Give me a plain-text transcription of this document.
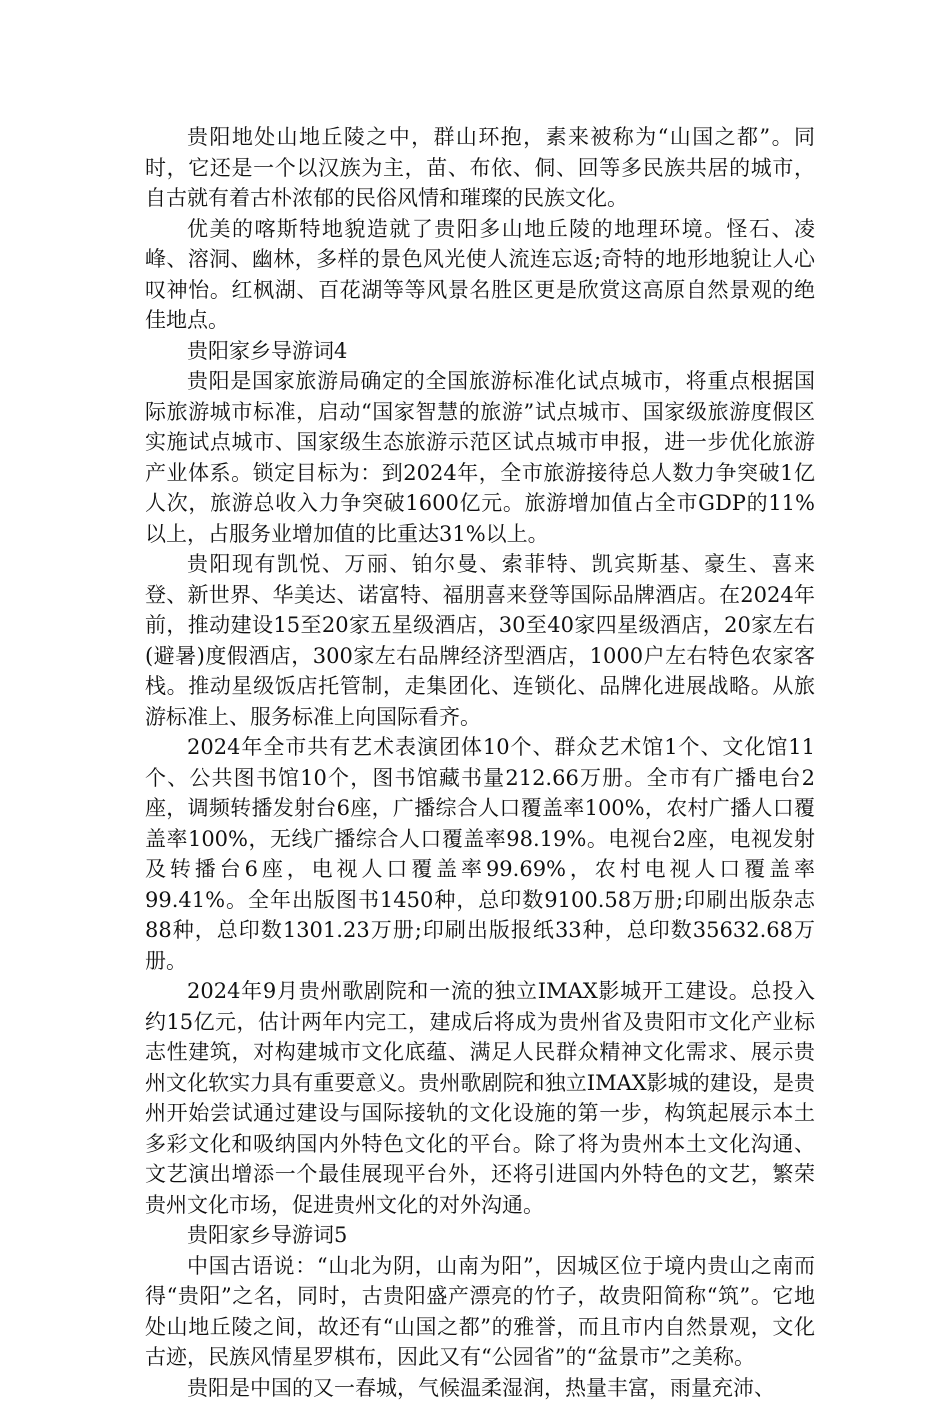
贵阳地处山地丘陵之中，群山环抱，素来被称为“山国之都”。同时，它还是一个以汉族为主，苗、布依、侗、回等多民族共居的城市，自古就有着古朴浓郁的民俗风情和璀璨的民族文化。

优美的喀斯特地貌造就了贵阳多山地丘陵的地理环境。怪石、凌峰、溶洞、幽林，多样的景色风光使人流连忘返;奇特的地形地貌让人心叹神怡。红枫湖、百花湖等等风景名胜区更是欣赏这高原自然景观的绝佳地点。

贵阳家乡导游词4

贵阳是国家旅游局确定的全国旅游标准化试点城市，将重点根据国际旅游城市标准，启动“国家智慧的旅游”试点城市、国家级旅游度假区实施试点城市、国家级生态旅游示范区试点城市申报，进一步优化旅游产业体系。锁定目标为：到2024年，全市旅游接待总人数力争突破1亿人次，旅游总收入力争突破1600亿元。旅游增加值占全市GDP的11%以上，占服务业增加值的比重达31%以上。

贵阳现有凯悦、万丽、铂尔曼、索菲特、凯宾斯基、豪生、喜来登、新世界、华美达、诺富特、福朋喜来登等国际品牌酒店。在2024年前，推动建设15至20家五星级酒店，30至40家四星级酒店，20家左右(避暑)度假酒店，300家左右品牌经济型酒店，1000户左右特色农家客栈。推动星级饭店托管制，走集团化、连锁化、品牌化进展战略。从旅游标准上、服务标准上向国际看齐。

2024年全市共有艺术表演团体10个、群众艺术馆1个、文化馆11个、公共图书馆10个，图书馆藏书量212.66万册。全市有广播电台2座，调频转播发射台6座，广播综合人口覆盖率100%，农村广播人口覆盖率100%，无线广播综合人口覆盖率98.19%。电视台2座，电视发射及转播台6座，电视人口覆盖率99.69%，农村电视人口覆盖率99.41%。全年出版图书1450种，总印数9100.58万册;印刷出版杂志88种，总印数1301.23万册;印刷出版报纸33种，总印数35632.68万册。

2024年9月贵州歌剧院和一流的独立IMAX影城开工建设。总投入约15亿元，估计两年内完工，建成后将成为贵州省及贵阳市文化产业标志性建筑，对构建城市文化底蕴、满足人民群众精神文化需求、展示贵州文化软实力具有重要意义。贵州歌剧院和独立IMAX影城的建设，是贵州开始尝试通过建设与国际接轨的文化设施的第一步，构筑起展示本土多彩文化和吸纳国内外特色文化的平台。除了将为贵州本土文化沟通、文艺演出增添一个最佳展现平台外，还将引进国内外特色的文艺，繁荣贵州文化市场，促进贵州文化的对外沟通。

贵阳家乡导游词5

中国古语说：“山北为阴，山南为阳”，因城区位于境内贵山之南而得“贵阳”之名，同时，古贵阳盛产漂亮的竹子，故贵阳简称“筑”。它地处山地丘陵之间，故还有“山国之都”的雅誉，而且市内自然景观，文化古迹，民族风情星罗棋布，因此又有“公园省”的“盆景市”之美称。

贵阳是中国的又一春城，气候温柔湿润，热量丰富，雨量充沛、
